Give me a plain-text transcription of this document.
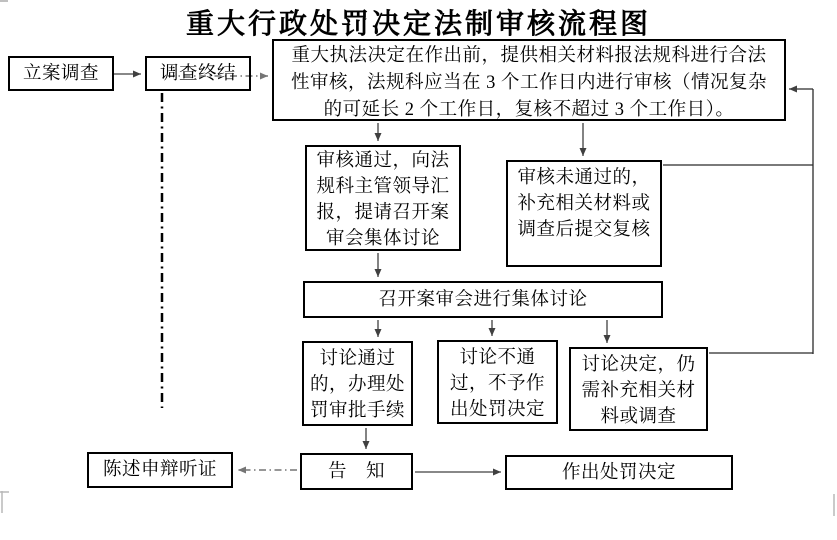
重大行政处罚决定法制审核流程图
立案调查	调查终结
重大执法决定在作出前，提供相关材料报法规科进行合法
性审核，法规科应当在 3 个工作日内进行审核（情况复杂
的可延长 2 个工作日，复核不超过 3 个工作日）。
审核通过，向法
规科主管领导汇
报，提请召开案
审会集体讨论
审核未通过的，
补充相关材料或
调查后提交复核
召开案审会进行集体讨论
讨论通过
的，办理处
罚审批手续
讨论不通
过，不予作
出处罚决定
讨论决定，仍
需补充相关材
料或调查
告　知
陈述申辩听证	作出处罚决定
